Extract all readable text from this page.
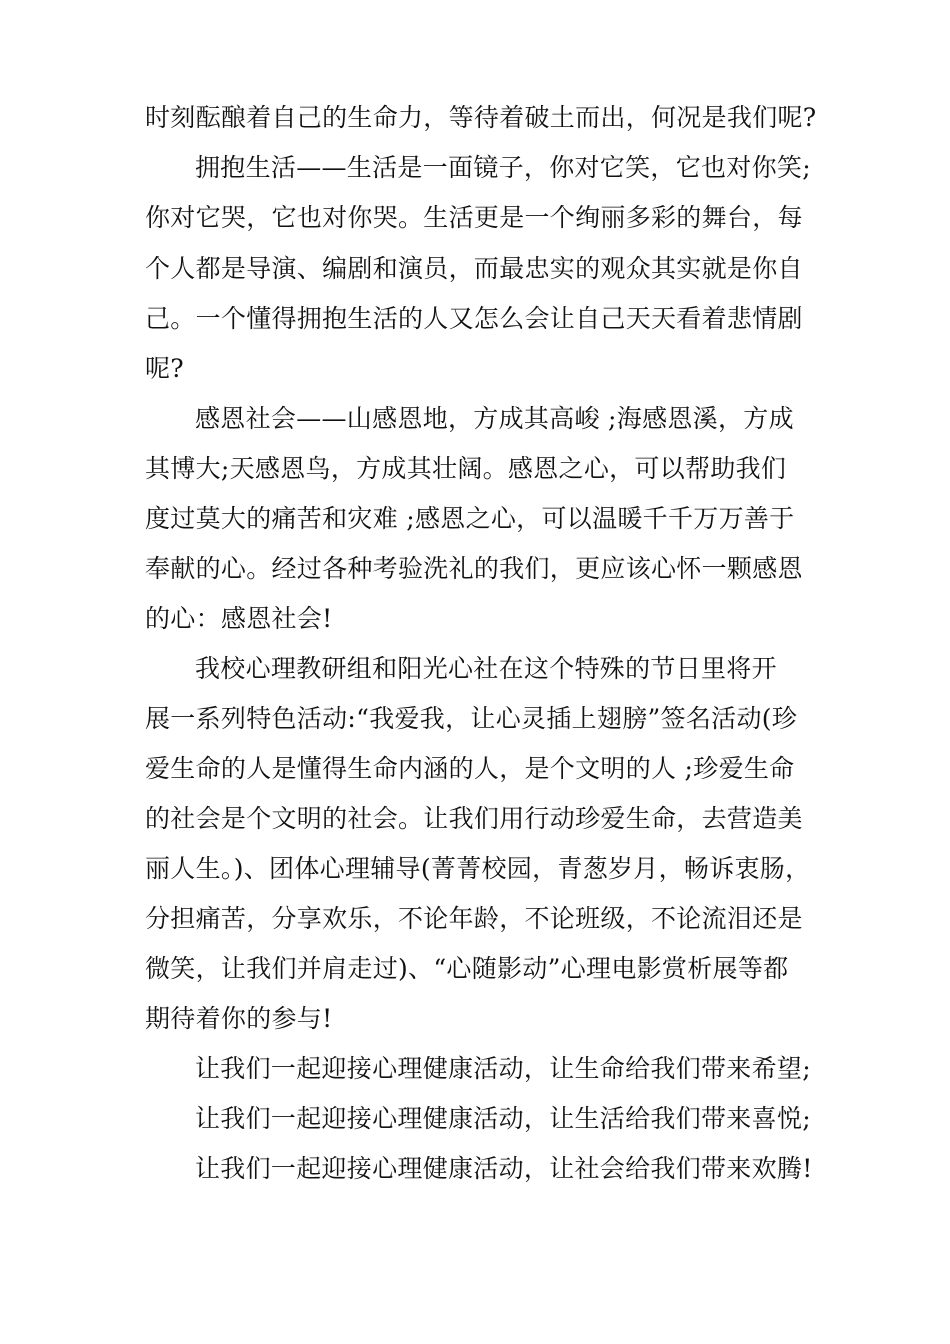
时刻酝酿着自己的生命力，等待着破土而出，何况是我们呢?
拥抱生活——生活是一面镜子，你对它笑，它也对你笑;
你对它哭，它也对你哭。生活更是一个绚丽多彩的舞台，每
个人都是导演、编剧和演员，而最忠实的观众其实就是你自
己。一个懂得拥抱生活的人又怎么会让自己天天看着悲情剧
呢?
感恩社会——山感恩地，方成其高峻 ;海感恩溪，方成
其博大;天感恩鸟，方成其壮阔。感恩之心，可以帮助我们
度过莫大的痛苦和灾难 ;感恩之心，可以温暖千千万万善于
奉献的心。经过各种考验洗礼的我们，更应该心怀一颗感恩
的心：感恩社会!
我校心理教研组和阳光心社在这个特殊的节日里将开
展一系列特色活动:“我爱我，让心灵插上翅膀”签名活动(珍
爱生命的人是懂得生命内涵的人，是个文明的人 ;珍爱生命
的社会是个文明的社会。让我们用行动珍爱生命，去营造美
丽人生。)、团体心理辅导(菁菁校园，青葱岁月，畅诉衷肠，
分担痛苦，分享欢乐，不论年龄，不论班级，不论流泪还是
微笑，让我们并肩走过)、“心随影动”心理电影赏析展等都
期待着你的参与!
让我们一起迎接心理健康活动，让生命给我们带来希望;
让我们一起迎接心理健康活动，让生活给我们带来喜悦;
让我们一起迎接心理健康活动，让社会给我们带来欢腾!
